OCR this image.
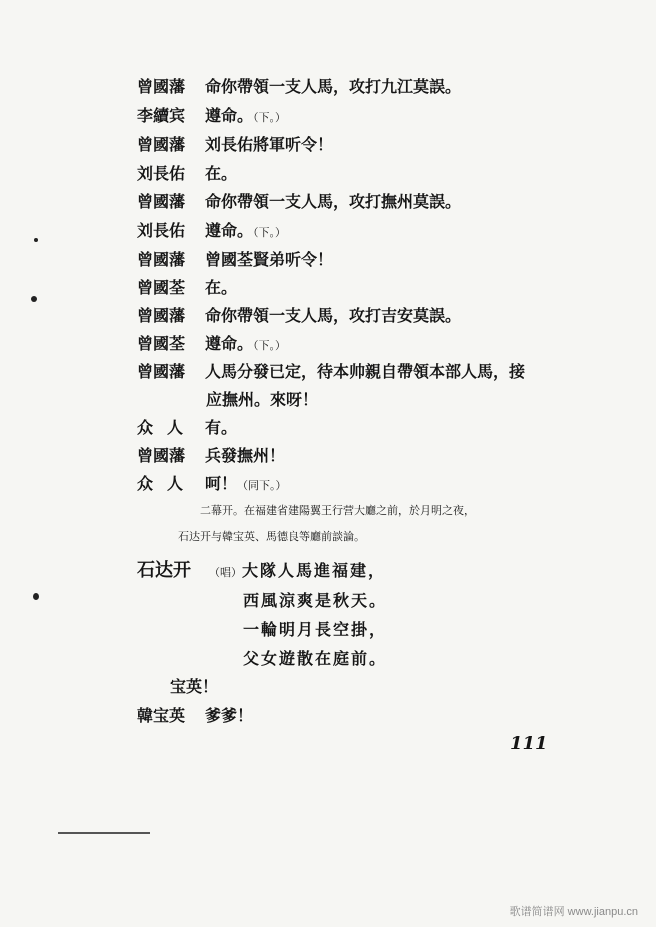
曾國藩 命你帶領一支人馬，攻打九江莫誤。
李續宾 遵命。（下。）
曾國藩 刘長佑將軍听令！
刘長佑 在。
曾國藩 命你帶領一支人馬，攻打撫州莫誤。
刘長佑 遵命。（下。）
曾國藩 曾國荃賢弟听令！
曾國荃 在。
曾國藩 命你帶領一支人馬，攻打吉安莫誤。
曾國荃 遵命。（下。）
曾國藩 人馬分發已定，待本帅親自帶領本部人馬，接
应撫州。來呀！
众人 有。
曾國藩 兵發撫州！
众人 呵！（同下。）
二幕开。在福建省建陽翼王行营大廳之前，於月明之夜，
石达开与韓宝英、馬德良等廳前談論。
石达开 （唱）大隊人馬進福建，
西風涼爽是秋天。
一輪明月長空掛，
父女遊散在庭前。
宝英！
韓宝英 爹爹！
111
歌谱简谱网 www.jianpu.cn
